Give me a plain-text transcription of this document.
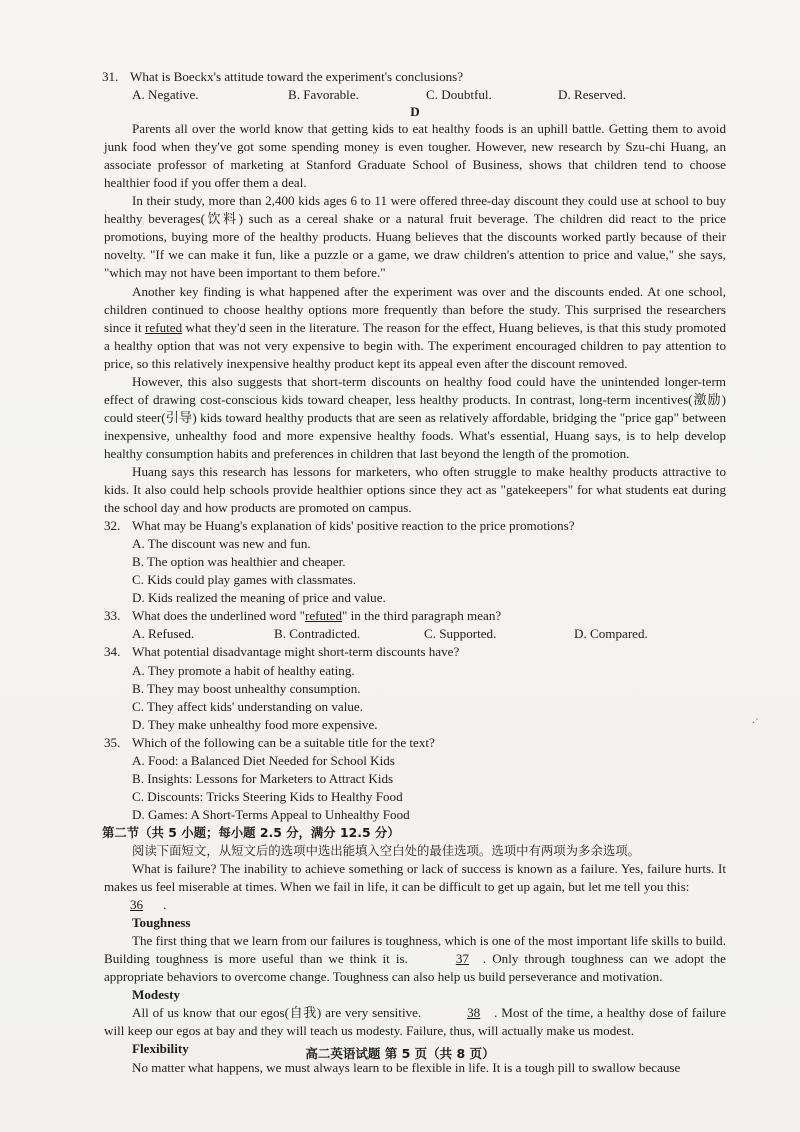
31. What is Boeckx's attitude toward the experiment's conclusions?
A. Negative.	B. Favorable.	C. Doubtful.	D. Reserved.

D

Parents all over the world know that getting kids to eat healthy foods is an uphill battle. Getting them to avoid junk food when they've got some spending money is even tougher. However, new research by Szu-chi Huang, an associate professor of marketing at Stanford Graduate School of Business, shows that children tend to choose healthier food if you offer them a deal.

In their study, more than 2,400 kids ages 6 to 11 were offered three-day discount they could use at school to buy healthy beverages(饮料) such as a cereal shake or a natural fruit beverage. The children did react to the price promotions, buying more of the healthy products. Huang believes that the discounts worked partly because of their novelty. "If we can make it fun, like a puzzle or a game, we draw children's attention to price and value," she says, "which may not have been important to them before."

Another key finding is what happened after the experiment was over and the discounts ended. At one school, children continued to choose healthy options more frequently than before the study. This surprised the researchers since it refuted what they'd seen in the literature. The reason for the effect, Huang believes, is that this study promoted a healthy option that was not very expensive to begin with. The experiment encouraged children to pay attention to price, so this relatively inexpensive healthy product kept its appeal even after the discount removed.

However, this also suggests that short-term discounts on healthy food could have the unintended longer-term effect of drawing cost-conscious kids toward cheaper, less healthy products. In contrast, long-term incentives(激励) could steer(引导) kids toward healthy products that are seen as relatively affordable, bridging the "price gap" between inexpensive, unhealthy food and more expensive healthy foods. What's essential, Huang says, is to help develop healthy consumption habits and preferences in children that last beyond the length of the promotion.

Huang says this research has lessons for marketers, who often struggle to make healthy products attractive to kids. It also could help schools provide healthier options since they act as "gatekeepers" for what students eat during the school day and how products are promoted on campus.

32. What may be Huang's explanation of kids' positive reaction to the price promotions?
A. The discount was new and fun.
B. The option was healthier and cheaper.
C. Kids could play games with classmates.
D. Kids realized the meaning of price and value.
33. What does the underlined word "refuted" in the third paragraph mean?
A. Refused.	B. Contradicted.	C. Supported.	D. Compared.
34. What potential disadvantage might short-term discounts have?
A. They promote a habit of healthy eating.
B. They may boost unhealthy consumption.
C. They affect kids' understanding on value.
D. They make unhealthy food more expensive.
35. Which of the following can be a suitable title for the text?
A. Food: a Balanced Diet Needed for School Kids
B. Insights: Lessons for Marketers to Attract Kids
C. Discounts: Tricks Steering Kids to Healthy Food
D. Games: A Short-Terms Appeal to Unhealthy Food
第二节（共 5 小题；每小题 2.5 分，满分 12.5 分）
阅读下面短文，从短文后的选项中选出能填入空白处的最佳选项。选项中有两项为多余选项。

What is failure? The inability to achieve something or lack of success is known as a failure. Yes, failure hurts. It makes us feel miserable at times. When we fail in life, it can be difficult to get up again, but let me tell you this:

36 .

Toughness

The first thing that we learn from our failures is toughness, which is one of the most important life skills to build. Building toughness is more useful than we think it is.	37 . Only through toughness can we adopt the appropriate behaviors to overcome change. Toughness can also help us build perseverance and motivation.

Modesty

All of us know that our egos(自我) are very sensitive.	38 . Most of the time, a healthy dose of failure will keep our egos at bay and they will teach us modesty. Failure, thus, will actually make us modest.

Flexibility

No matter what happens, we must always learn to be flexible in life. It is a tough pill to swallow because

·´
高二英语试题 第 5 页（共 8 页）
